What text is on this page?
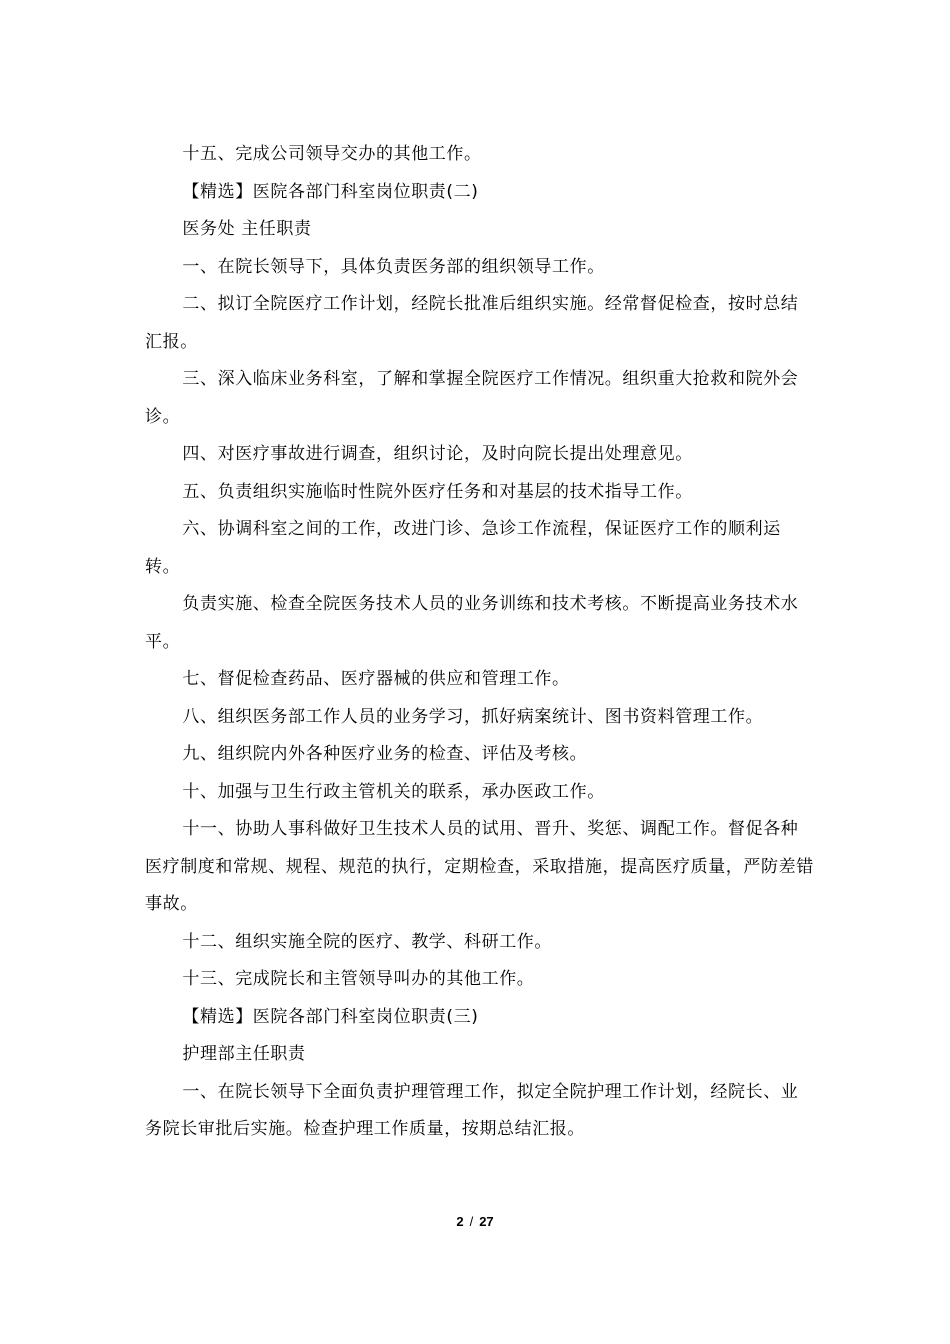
十五、完成公司领导交办的其他工作。

【精选】医院各部门科室岗位职责(二)

医务处 主任职责

一、在院长领导下，具体负责医务部的组织领导工作。

二、拟订全院医疗工作计划，经院长批准后组织实施。经常督促检查，按时总结汇报。

三、深入临床业务科室，了解和掌握全院医疗工作情况。组织重大抢救和院外会诊。

四、对医疗事故进行调查，组织讨论，及时向院长提出处理意见。

五、负责组织实施临时性院外医疗任务和对基层的技术指导工作。

六、协调科室之间的工作，改进门诊、急诊工作流程，保证医疗工作的顺利运转。

负责实施、检查全院医务技术人员的业务训练和技术考核。不断提高业务技术水平。

七、督促检查药品、医疗器械的供应和管理工作。

八、组织医务部工作人员的业务学习，抓好病案统计、图书资料管理工作。

九、组织院内外各种医疗业务的检查、评估及考核。

十、加强与卫生行政主管机关的联系，承办医政工作。

十一、协助人事科做好卫生技术人员的试用、晋升、奖惩、调配工作。督促各种医疗制度和常规、规程、规范的执行，定期检查，采取措施，提高医疗质量，严防差错事故。

十二、组织实施全院的医疗、教学、科研工作。

十三、完成院长和主管领导叫办的其他工作。

【精选】医院各部门科室岗位职责(三)

护理部主任职责

一、在院长领导下全面负责护理管理工作，拟定全院护理工作计划，经院长、业务院长审批后实施。检查护理工作质量，按期总结汇报。

2 / 27
